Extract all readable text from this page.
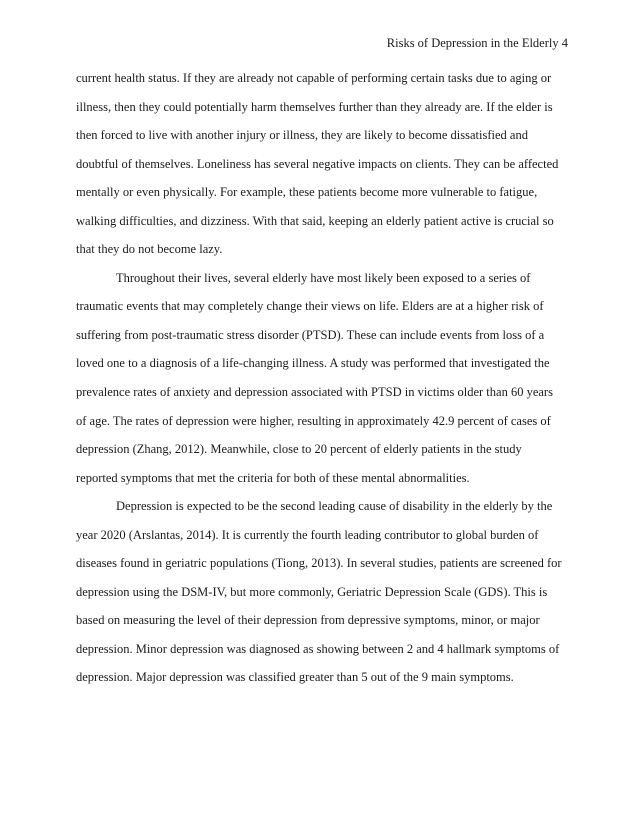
Risks of Depression in the Elderly 4
current health status. If they are already not capable of performing certain tasks due to aging or
illness, then they could potentially harm themselves further than they already are. If the elder is
then forced to live with another injury or illness, they are likely to become dissatisfied and
doubtful of themselves. Loneliness has several negative impacts on clients. They can be affected
mentally or even physically. For example, these patients become more vulnerable to fatigue,
walking difficulties, and dizziness. With that said, keeping an elderly patient active is crucial so
that they do not become lazy.
Throughout their lives, several elderly have most likely been exposed to a series of
traumatic events that may completely change their views on life. Elders are at a higher risk of
suffering from post-traumatic stress disorder (PTSD). These can include events from loss of a
loved one to a diagnosis of a life-changing illness. A study was performed that investigated the
prevalence rates of anxiety and depression associated with PTSD in victims older than 60 years
of age. The rates of depression were higher, resulting in approximately 42.9 percent of cases of
depression (Zhang, 2012). Meanwhile, close to 20 percent of elderly patients in the study
reported symptoms that met the criteria for both of these mental abnormalities.
Depression is expected to be the second leading cause of disability in the elderly by the
year 2020 (Arslantas, 2014). It is currently the fourth leading contributor to global burden of
diseases found in geriatric populations (Tiong, 2013). In several studies, patients are screened for
depression using the DSM-IV, but more commonly, Geriatric Depression Scale (GDS). This is
based on measuring the level of their depression from depressive symptoms, minor, or major
depression. Minor depression was diagnosed as showing between 2 and 4 hallmark symptoms of
depression. Major depression was classified greater than 5 out of the 9 main symptoms.
